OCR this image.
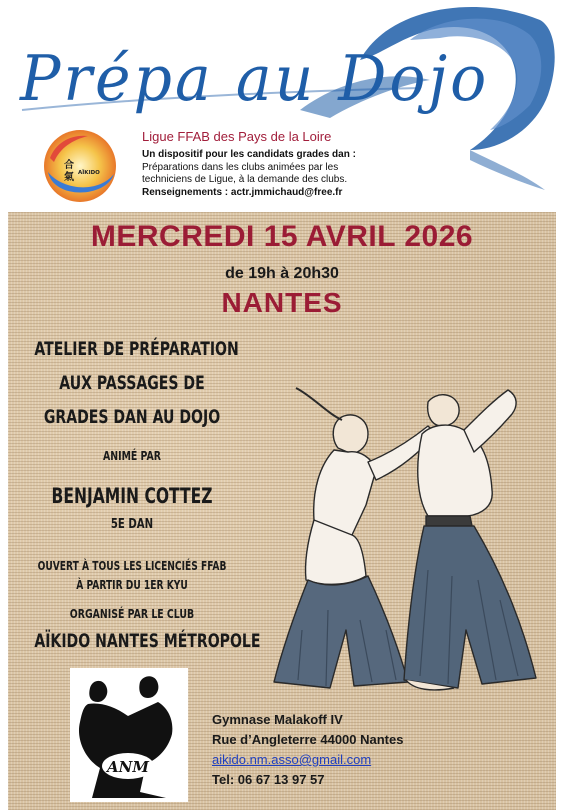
Prépa au Dojo
合
氣 AÏKIDO
Ligue FFAB des Pays de la Loire
Un dispositif pour les candidats grades dan :
Préparations dans les clubs animées par les techniciens de Ligue, à la demande des clubs.
Renseignements : actr.jmmichaud@free.fr
MERCREDI 15 AVRIL 2026
de 19h à 20h30
NANTES
ATELIER DE PRÉPARATION
AUX PASSAGES DE
GRADES DAN AU DOJO
ANIMÉ PAR
BENJAMIN COTTEZ
5E DAN
OUVERT À TOUS LES LICENCIÉS FFAB
À PARTIR DU 1ER KYU
ORGANISÉ PAR LE CLUB
AÏKIDO NANTES MÉTROPOLE
ANM
Gymnase Malakoff IV
Rue d’Angleterre 44000 Nantes
aikido.nm.asso@gmail.com
Tel: 06 67 13 97 57
